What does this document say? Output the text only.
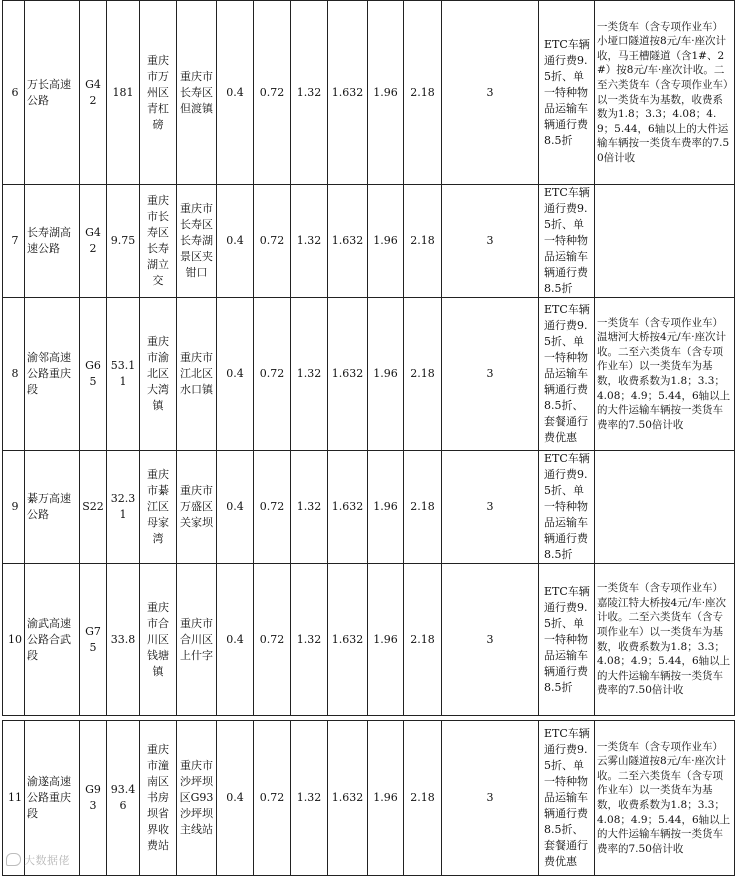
6	万长高速公路	G42	181	重庆市万州区青杠磅	重庆市长寿区但渡镇	0.4	0.72	1.32	1.632	1.96	2.18	3	ETC车辆通行费9.5折、单一特种物品运输车辆通行费8.5折	一类货车（含专项作业车）小垭口隧道按8元/车·座次计收，马王槽隧道（含1#、2#）按8元/车·座次计收。二至六类货车（含专项作业车）以一类货车为基数，收费系数为1.8；3.3；4.08；4.9；5.44，6轴以上的大件运输车辆按一类货车费率的7.50倍计收
7	长寿湖高速公路	G42	9.75	重庆市长寿区长寿湖立交	重庆市长寿区长寿湖景区夹钳口	0.4	0.72	1.32	1.632	1.96	2.18	3	ETC车辆通行费9.5折、单一特种物品运输车辆通行费8.5折	
8	渝邻高速公路重庆段	G65	53.11	重庆市渝北区大湾镇	重庆市江北区水口镇	0.4	0.72	1.32	1.632	1.96	2.18	3	ETC车辆通行费9.5折、单一特种物品运输车辆通行费8.5折、套餐通行费优惠	一类货车（含专项作业车）温塘河大桥按4元/车·座次计收。二至六类货车（含专项作业车）以一类货车为基数，收费系数为1.8；3.3；4.08；4.9；5.44，6轴以上的大件运输车辆按一类货车费率的7.50倍计收
9	綦万高速公路	S22	32.31	重庆市綦江区母家湾	重庆市万盛区关家坝	0.4	0.72	1.32	1.632	1.96	2.18	3	ETC车辆通行费9.5折、单一特种物品运输车辆通行费8.5折	
10	渝武高速公路合武段	G75	33.8	重庆市合川区钱塘镇	重庆市合川区上什字	0.4	0.72	1.32	1.632	1.96	2.18	3	ETC车辆通行费9.5折、单一特种物品运输车辆通行费8.5折	一类货车（含专项作业车）嘉陵江特大桥按4元/车·座次计收。二至六类货车（含专项作业车）以一类货车为基数，收费系数为1.8；3.3；4.08；4.9；5.44，6轴以上的大件运输车辆按一类货车费率的7.50倍计收
11	渝遂高速公路重庆段	G93	93.46	重庆市潼南区书房坝省界收费站	重庆市沙坪坝区G93沙坪坝主线站	0.4	0.72	1.32	1.632	1.96	2.18	3	ETC车辆通行费9.5折、单一特种物品运输车辆通行费8.5折、套餐通行费优惠	一类货车（含专项作业车）云雾山隧道按8元/车·座次计收。二至六类货车（含专项作业车）以一类货车为基数，收费系数为1.8；3.3；4.08；4.9；5.44，6轴以上的大件运输车辆按一类货车费率的7.50倍计收
大数据佬
